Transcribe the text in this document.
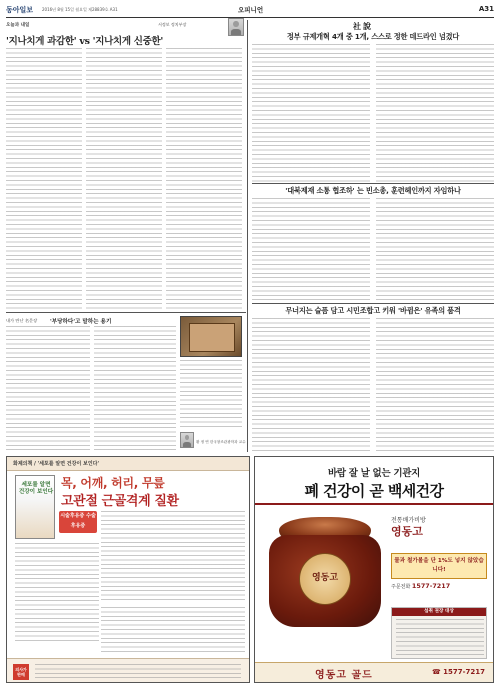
동아일보 2016년 8월 15일 월요일 제28839호 A31	오피니언	A31
오늘과 내일	서정보 정치부장
'지나치게 과감한' vs '지나치게 신중한'
내가 만난 名문장 '부당하다'고 말하는 용기
황 정 연 한국창조관광학과 교수
社說
정부 규제개혁 4개 중 1개, 스스로 정한 데드라인 넘겼다
'대북제재 소통 협조하' 는 빈소총, 훈련헤인까지 자임하나
무너지는 슬픔 담고 시민조합고 키워 '바뀜은' 유족의 품격
화제의책 / '세포를 알면 건강이 보인다'
세포를 알면 건강이 보인다
목, 어깨, 허리, 무릎
고관절 근골격계 질환
시술후유증 수술후유증
의사가 판매
바람 잘 날 없는 기관지
폐 건강이 곧 백세건강
영동고
전통배가비방
영동고
물과 철가볼을 단 1%도 넣지 않았습니다!
주문전화 1577-7217
섭취 권장 대상
영동고 골드	☎ 1577-7217
